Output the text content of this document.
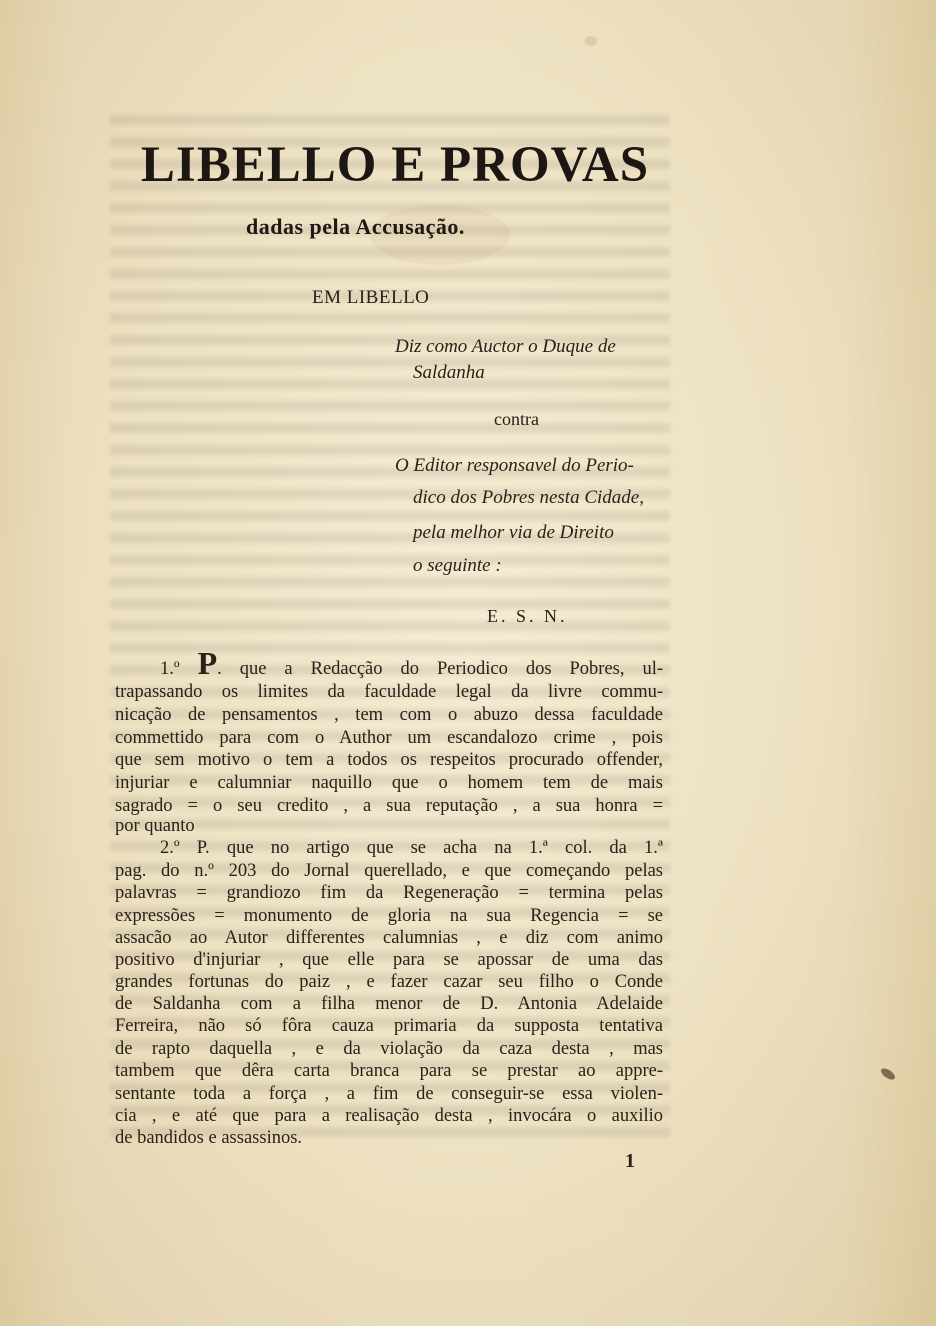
LIBELLO E PROVAS
dadas pela Accusação.
EM LIBELLO
Diz como Auctor o Duque de
Saldanha
contra
O Editor responsavel do Perio-
dico dos Pobres nesta Cidade,
pela melhor via de Direito
o seguinte :
E. S. N.
1.º P. que a Redacção do Periodico dos Pobres, ul-
trapassando os limites da faculdade legal da livre commu-
nicação de pensamentos , tem com o abuzo dessa faculdade
commettido para com o Author um escandalozo crime , pois
que sem motivo o tem a todos os respeitos procurado offender,
injuriar e calumniar naquillo que o homem tem de mais
sagrado = o seu credito , a sua reputação , a sua honra =
por quanto
2.º P. que no artigo que se acha na 1.ª col. da 1.ª
pag. do n.º 203 do Jornal querellado, e que começando pelas
palavras = grandiozo fim da Regeneração = termina pelas
expressões = monumento de gloria na sua Regencia = se
assacão ao Autor differentes calumnias , e diz com animo
positivo d'injuriar , que elle para se apossar de uma das
grandes fortunas do paiz , e fazer cazar seu filho o Conde
de Saldanha com a filha menor de D. Antonia Adelaide
Ferreira, não só fôra cauza primaria da supposta tentativa
de rapto daquella , e da violação da caza desta , mas
tambem que dêra carta branca para se prestar ao appre-
sentante toda a força , a fim de conseguir-se essa violen-
cia , e até que para a realisação desta , invocára o auxilio
de bandidos e assassinos.
1
